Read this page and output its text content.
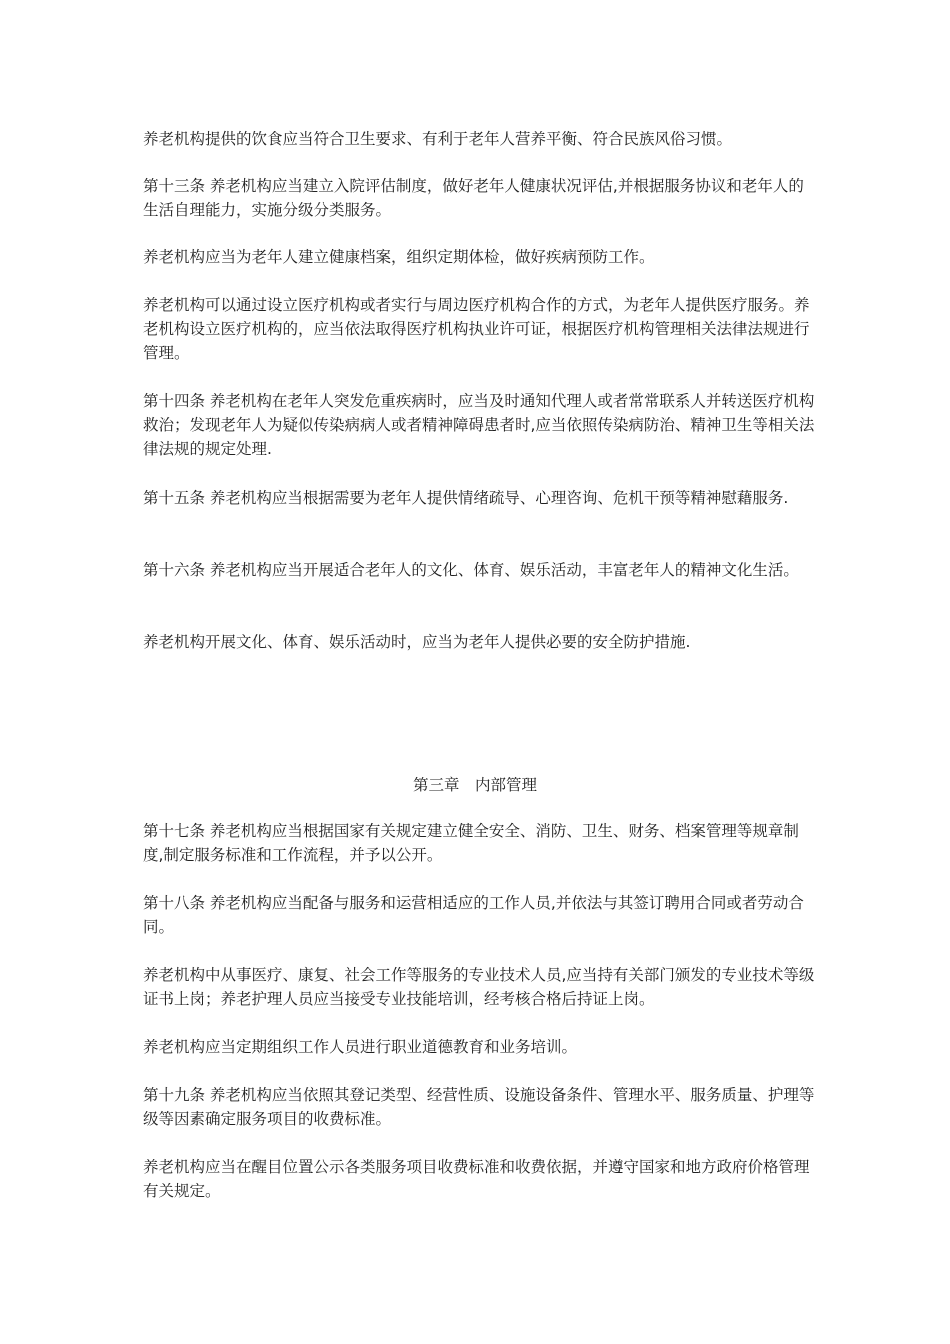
养老机构提供的饮食应当符合卫生要求、有利于老年人营养平衡、符合民族风俗习惯。

第十三条 养老机构应当建立入院评估制度，做好老年人健康状况评估,并根据服务协议和老年人的生活自理能力，实施分级分类服务。

养老机构应当为老年人建立健康档案，组织定期体检，做好疾病预防工作。

养老机构可以通过设立医疗机构或者实行与周边医疗机构合作的方式，为老年人提供医疗服务。养老机构设立医疗机构的，应当依法取得医疗机构执业许可证，根据医疗机构管理相关法律法规进行管理。

第十四条 养老机构在老年人突发危重疾病时，应当及时通知代理人或者常常联系人并转送医疗机构救治；发现老年人为疑似传染病病人或者精神障碍患者时,应当依照传染病防治、精神卫生等相关法律法规的规定处理.

第十五条 养老机构应当根据需要为老年人提供情绪疏导、心理咨询、危机干预等精神慰藉服务.

第十六条 养老机构应当开展适合老年人的文化、体育、娱乐活动，丰富老年人的精神文化生活。

养老机构开展文化、体育、娱乐活动时，应当为老年人提供必要的安全防护措施.

第三章　内部管理

第十七条 养老机构应当根据国家有关规定建立健全安全、消防、卫生、财务、档案管理等规章制度,制定服务标准和工作流程，并予以公开。

第十八条 养老机构应当配备与服务和运营相适应的工作人员,并依法与其签订聘用合同或者劳动合同。

养老机构中从事医疗、康复、社会工作等服务的专业技术人员,应当持有关部门颁发的专业技术等级证书上岗；养老护理人员应当接受专业技能培训，经考核合格后持证上岗。

养老机构应当定期组织工作人员进行职业道德教育和业务培训。

第十九条 养老机构应当依照其登记类型、经营性质、设施设备条件、管理水平、服务质量、护理等级等因素确定服务项目的收费标准。

养老机构应当在醒目位置公示各类服务项目收费标准和收费依据，并遵守国家和地方政府价格管理有关规定。
